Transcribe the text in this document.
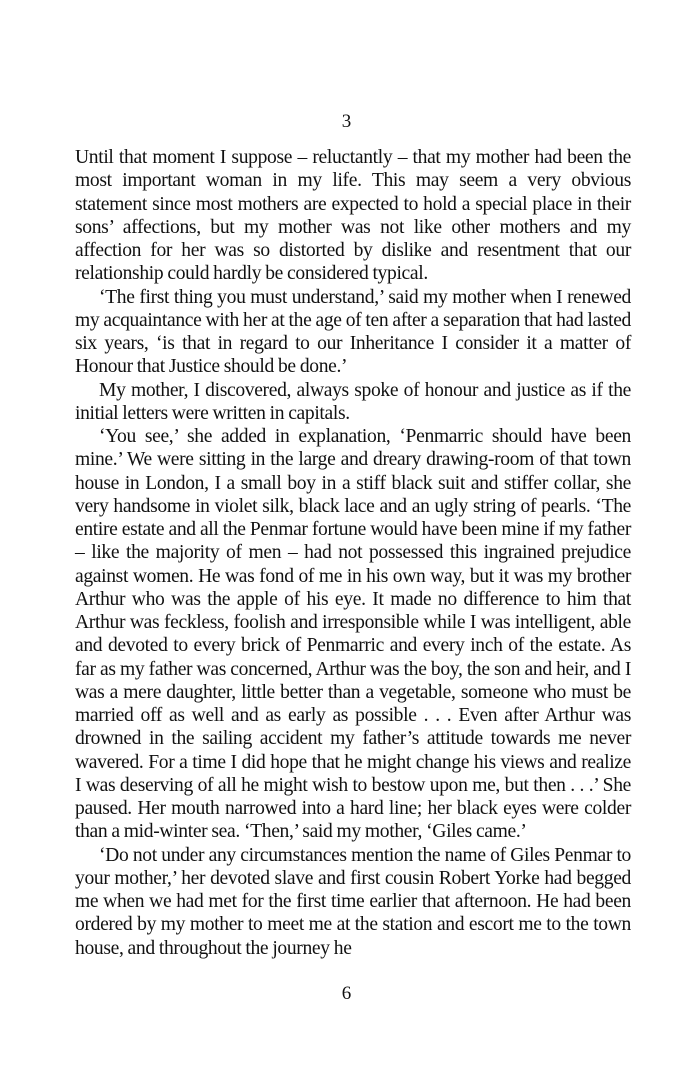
3

Until that moment I suppose – reluctantly – that my mother had been the most important woman in my life. This may seem a very obvious statement since most mothers are expected to hold a special place in their sons’ affections, but my mother was not like other mothers and my affection for her was so distorted by dislike and resentment that our relationship could hardly be considered typical.

‘The first thing you must understand,’ said my mother when I renewed my acquaintance with her at the age of ten after a separation that had lasted six years, ‘is that in regard to our Inheritance I consider it a matter of Honour that Justice should be done.’

My mother, I discovered, always spoke of honour and justice as if the initial letters were written in capitals.

‘You see,’ she added in explanation, ‘Penmarric should have been mine.’ We were sitting in the large and dreary drawing-room of that town house in London, I a small boy in a stiff black suit and stiffer collar, she very handsome in violet silk, black lace and an ugly string of pearls. ‘The entire estate and all the Penmar fortune would have been mine if my father – like the majority of men – had not possessed this ingrained prejudice against women. He was fond of me in his own way, but it was my brother Arthur who was the apple of his eye. It made no difference to him that Arthur was feckless, foolish and irresponsible while I was intelligent, able and devoted to every brick of Penmarric and every inch of the estate. As far as my father was concerned, Arthur was the boy, the son and heir, and I was a mere daughter, little better than a vegetable, someone who must be married off as well and as early as possible . . . Even after Arthur was drowned in the sailing accident my father’s attitude towards me never wavered. For a time I did hope that he might change his views and realize I was deserving of all he might wish to bestow upon me, but then . . .’ She paused. Her mouth narrowed into a hard line; her black eyes were colder than a mid-winter sea. ‘Then,’ said my mother, ‘Giles came.’

‘Do not under any circumstances mention the name of Giles Penmar to your mother,’ her devoted slave and first cousin Robert Yorke had begged me when we had met for the first time earlier that afternoon. He had been ordered by my mother to meet me at the station and escort me to the town house, and throughout the journey he

6
